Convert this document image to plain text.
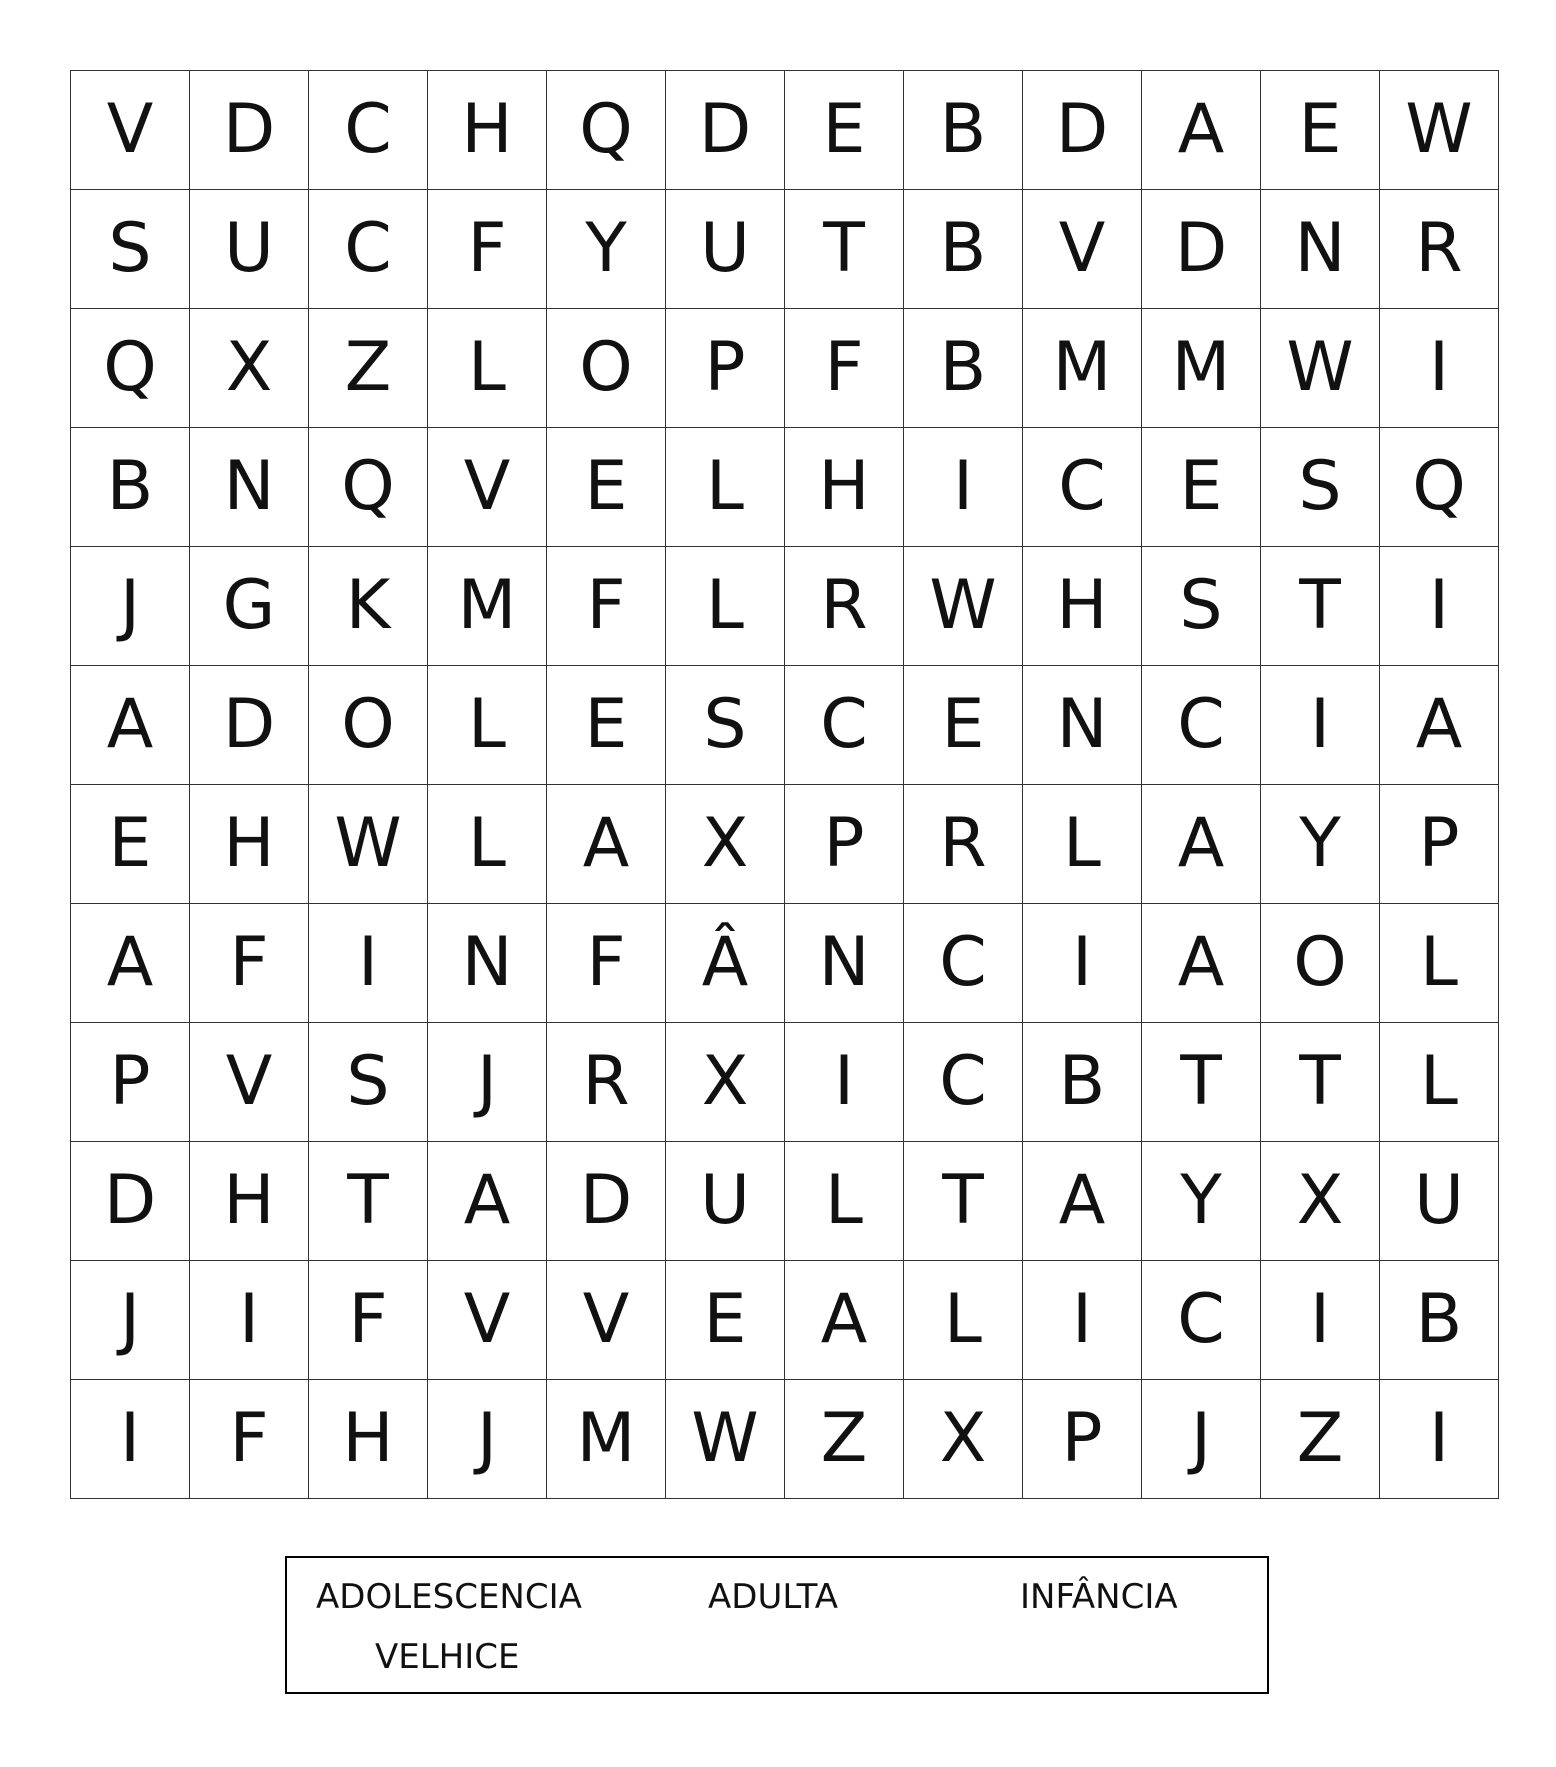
V	D	C	H	Q	D	E	B	D	A	E	W
S	U	C	F	Y	U	T	B	V	D	N	R
Q	X	Z	L	O	P	F	B	M	M	W	I
B	N	Q	V	E	L	H	I	C	E	S	Q
J	G	K	M	F	L	R	W	H	S	T	I
A	D	O	L	E	S	C	E	N	C	I	A
E	H	W	L	A	X	P	R	L	A	Y	P
A	F	I	N	F	Â	N	C	I	A	O	L
P	V	S	J	R	X	I	C	B	T	T	L
D	H	T	A	D	U	L	T	A	Y	X	U
J	I	F	V	V	E	A	L	I	C	I	B
I	F	H	J	M	W	Z	X	P	J	Z	I
ADOLESCENCIA	ADULTA	INFÂNCIA
VELHICE
